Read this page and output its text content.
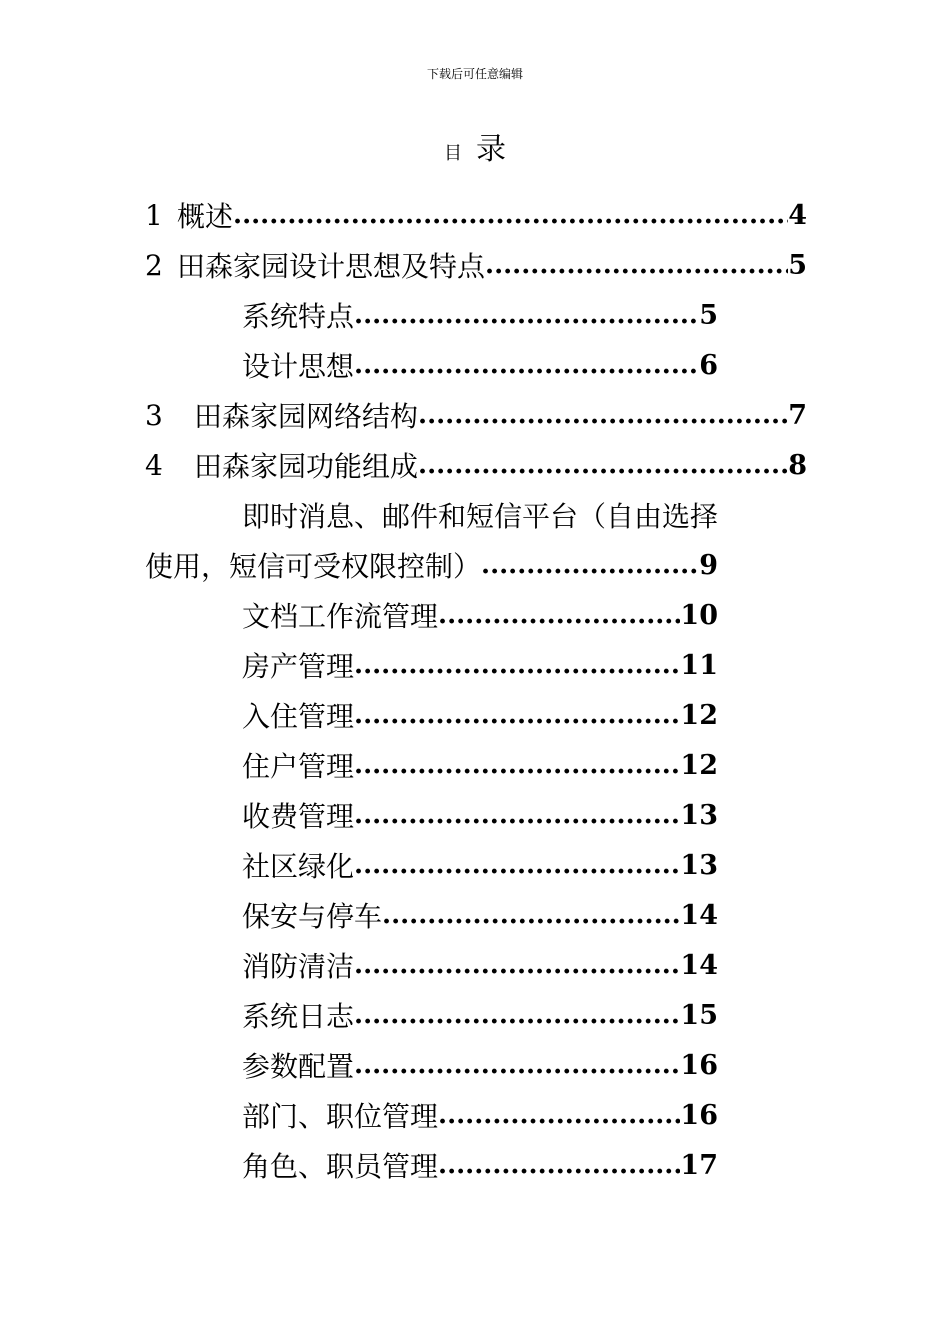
下载后可任意编辑
目 录
1 概述 .....	4
2 田森家园设计思想及特点 .....	5
系统特点 .....	5
设计思想 .....	6
3	田森家园网络结构 .....	7
4	田森家园功能组成 .....	8
即时消息、邮件和短信平台（自由选择
使用，短信可受权限控制） .....	9
文档工作流管理 .....	10
房产管理 .....	11
入住管理 .....	12
住户管理 .....	12
收费管理 .....	13
社区绿化 .....	13
保安与停车 .....	14
消防清洁 .....	14
系统日志 .....	15
参数配置 .....	16
部门、职位管理 .....	16
角色、职员管理 .....	17
